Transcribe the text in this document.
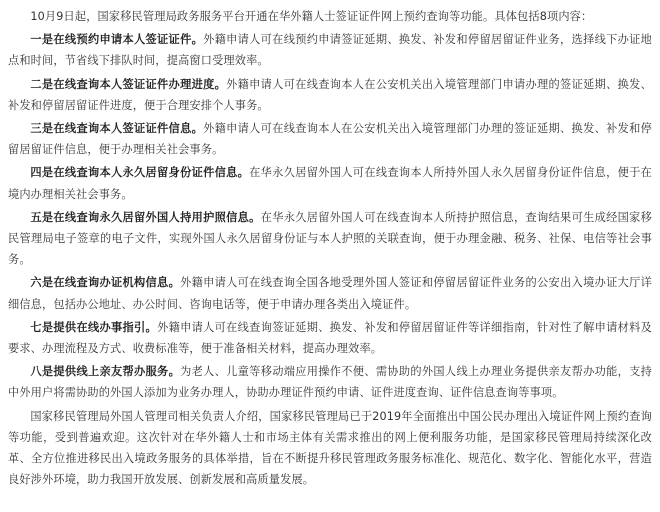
10月9日起，国家移民管理局政务服务平台开通在华外籍人士签证证件网上预约查询等功能。具体包括8项内容：

一是在线预约申请本人签证证件。外籍申请人可在线预约申请签证延期、换发、补发和停留居留证件业务，选择线下办证地点和时间，节省线下排队时间，提高窗口受理效率。

二是在线查询本人签证证件办理进度。外籍申请人可在线查询本人在公安机关出入境管理部门申请办理的签证延期、换发、补发和停留居留证件进度，便于合理安排个人事务。

三是在线查询本人签证证件信息。外籍申请人可在线查询本人在公安机关出入境管理部门办理的签证延期、换发、补发和停留居留证件信息，便于办理相关社会事务。

四是在线查询本人永久居留身份证件信息。在华永久居留外国人可在线查询本人所持外国人永久居留身份证件信息，便于在境内办理相关社会事务。

五是在线查询永久居留外国人持用护照信息。在华永久居留外国人可在线查询本人所持护照信息，查询结果可生成经国家移民管理局电子签章的电子文件，实现外国人永久居留身份证与本人护照的关联查询，便于办理金融、税务、社保、电信等社会事务。

六是在线查询办证机构信息。外籍申请人可在线查询全国各地受理外国人签证和停留居留证件业务的公安出入境办证大厅详细信息，包括办公地址、办公时间、咨询电话等，便于申请办理各类出入境证件。

七是提供在线办事指引。外籍申请人可在线查询签证延期、换发、补发和停留居留证件等详细指南，针对性了解申请材料及要求、办理流程及方式、收费标准等，便于准备相关材料，提高办理效率。

八是提供线上亲友帮办服务。为老人、儿童等移动端应用操作不便、需协助的外国人线上办理业务提供亲友帮办功能，支持中外用户将需协助的外国人添加为业务办理人，协助办理证件预约申请、证件进度查询、证件信息查询等事项。

国家移民管理局外国人管理司相关负责人介绍，国家移民管理局已于2019年全面推出中国公民办理出入境证件网上预约查询等功能，受到普遍欢迎。这次针对在华外籍人士和市场主体有关需求推出的网上便利服务功能，是国家移民管理局持续深化改革、全方位推进移民出入境政务服务的具体举措，旨在不断提升移民管理政务服务标准化、规范化、数字化、智能化水平，营造良好涉外环境，助力我国开放发展、创新发展和高质量发展。
